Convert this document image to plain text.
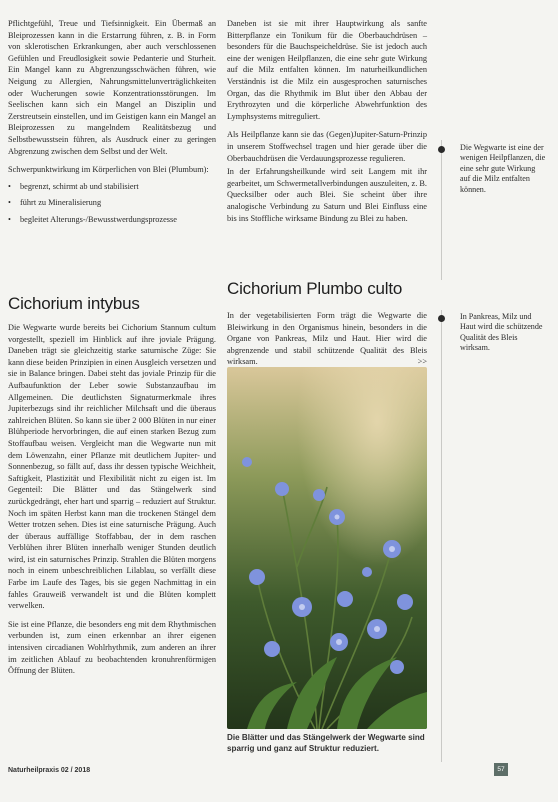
Pflichtgefühl, Treue und Tiefsinnigkeit. Ein Übermaß an Bleiprozessen kann in die Erstarrung führen, z. B. in Form von sklerotischen Erkrankungen, aber auch verschlossenen Gefühlen und Freudlosigkeit sowie Pedanterie und Sturheit. Ein Mangel kann zu Abgrenzungsschwächen führen, wie Neigung zu Allergien, Nahrungsmittelunverträglichkeiten oder Wucherungen sowie Konzentrationsstörungen. Im Seelischen kann sich ein Mangel an Disziplin und Zerstreutsein einstellen, und im Geistigen kann ein Mangel an Bleiprozessen zu mangelndem Realitätsbezug und Selbstbewusstsein führen, als Ausdruck einer zu geringen Abgrenzung zwischen dem Selbst und der Welt.

Schwerpunktwirkung im Körperlichen von Blei (Plumbum):

• begrenzt, schirmt ab und stabilisiert
• führt zu Mineralisierung
• begleitet Alterungs-/Bewusstwerdungsprozesse
Cichorium intybus

Die Wegwarte wurde bereits bei Cichorium Stannum cultum vorgestellt, speziell im Hinblick auf ihre joviale Prägung. Daneben trägt sie gleichzeitig starke saturnische Züge: Sie kann diese beiden Prinzipien in einen Ausgleich versetzen und sie in Balance bringen. Dabei steht das joviale Prinzip für die Aufbaufunktion der Leber sowie Substanzaufbau im Allgemeinen. Die deutlichsten Signaturmerkmale ihres Jupiterbezugs sind ihr reichlicher Milchsaft und die überaus zahlreichen Blüten. So kann sie über 2 000 Blüten in nur einer Blühperiode hervorbringen, die auf einen starken Bezug zum Stoffaufbau weisen. Vergleicht man die Wegwarte nun mit dem Löwenzahn, einer Pflanze mit deutlichem Jupiter- und Sonnenbezug, so fällt auf, dass ihr dessen typische Weichheit, Saftigkeit, Plastizität und Flexibilität nicht zu eigen ist. Im Gegenteil: Die Blätter und das Stängelwerk sind zurückgedrängt, eher hart und sparrig – reduziert auf Struktur. Noch im späten Herbst kann man die trockenen Stängel dem Wetter trotzen sehen. Dies ist eine saturnische Prägung. Auch der überaus auffällige Stoffabbau, der in dem raschen Verblühen ihrer Blüten innerhalb weniger Stunden deutlich wird, ist ein saturnisches Prinzip. Strahlen die Blüten morgens noch in einem unbeschreiblichen Lilablau, so verfällt diese Farbe im Laufe des Tages, bis sie gegen Nachmittag in ein fahles Grauweiß verwandelt ist und die Blüten komplett verwelken.

Sie ist eine Pflanze, die besonders eng mit dem Rhythmischen verbunden ist, zum einen erkennbar an ihrer eigenen intensiven circadianen Wohlrhythmik, zum anderen an ihrer im zeitlichen Ablauf zu beobachtenden kronuhrenförmigen Öffnung der Blüten.

Daneben ist sie mit ihrer Hauptwirkung als sanfte Bitterpflanze ein Tonikum für die Oberbauchdrüsen – besonders für die Bauchspeicheldrüse. Sie ist jedoch auch eine der wenigen Heilpflanzen, die eine sehr gute Wirkung auf die Milz entfalten können. Im naturheilkundlichen Verständnis ist die Milz ein ausgesprochen saturnisches Organ, das die Rhythmik im Blut über den Abbau der Erythrozyten und die körperliche Abwehrfunktion des Lymphsystems mitreguliert.

Als Heilpflanze kann sie das (Gegen)Jupiter-Saturn-Prinzip in unserem Stoffwechsel tragen und hier gerade über die Oberbauchdrüsen die Verdauungsprozesse regulieren.

In der Erfahrungsheilkunde wird seit Langem mit ihr gearbeitet, um Schwermetallverbindungen auszuleiten, z. B. Quecksilber oder auch Blei. Sie scheint über ihre analogische Verbindung zu Saturn und Blei Einfluss eine bis ins Stoffliche wirksame Bindung zu Blei zu haben.

Cichorium Plumbo culto

In der vegetabilisierten Form trägt die Wegwarte die Bleiwirkung in den Organismus hinein, besonders in die Organe von Pankreas, Milz und Haut. Hier wird die abgrenzende und stabil schützende Qualität des Bleis wirksam.	>>

Die Blätter und das Stängelwerk der Wegwarte sind sparrig und ganz auf Struktur reduziert.
Die Wegwarte ist eine der wenigen Heilpflanzen, die eine sehr gute Wirkung auf die Milz entfalten können.
In Pankreas, Milz und Haut wird die schützende Qualität des Bleis wirksam.
Naturheilpraxis 02 / 2018	57
